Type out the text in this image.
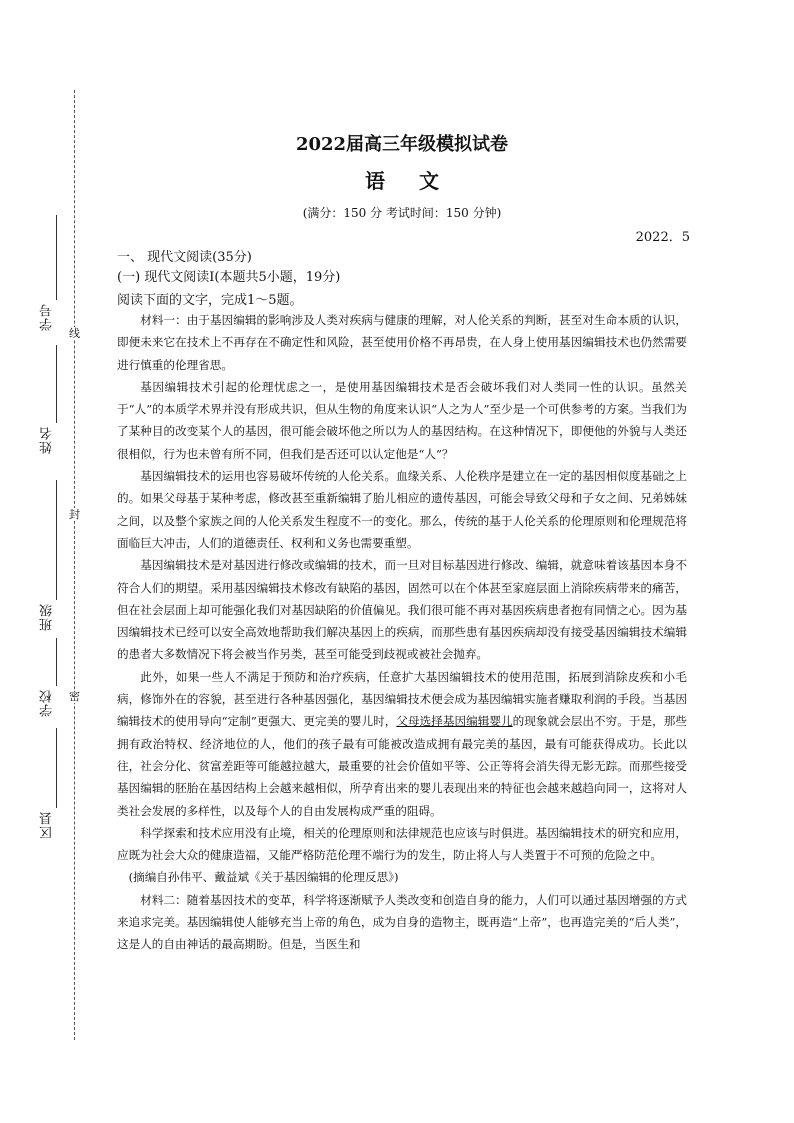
线
封
密
学号
姓名
班级
学校
区县
2022届高三年级模拟试卷
语文
(满分：150 分 考试时间：150 分钟)
2022．5
一、 现代文阅读(35分)
(一) 现代文阅读Ⅰ(本题共5小题，19分)
阅读下面的文字，完成1～5题。

材料一：由于基因编辑的影响涉及人类对疾病与健康的理解，对人伦关系的判断，甚至对生命本质的认识，即便未来它在技术上不再存在不确定性和风险，甚至使用价格不再昂贵，在人身上使用基因编辑技术也仍然需要进行慎重的伦理省思。

基因编辑技术引起的伦理忧虑之一，是使用基因编辑技术是否会破坏我们对人类同一性的认识。虽然关于“人”的本质学术界并没有形成共识，但从生物的角度来认识“人之为人”至少是一个可供参考的方案。当我们为了某种目的改变某个人的基因，很可能会破坏他之所以为人的基因结构。在这种情况下，即便他的外貌与人类还很相似，行为也未曾有所不同，但我们是否还可以认定他是“人”？

基因编辑技术的运用也容易破坏传统的人伦关系。血缘关系、人伦秩序是建立在一定的基因相似度基础之上的。如果父母基于某种考虑，修改甚至重新编辑了胎儿相应的遗传基因，可能会导致父母和子女之间、兄弟姊妹之间，以及整个家族之间的人伦关系发生程度不一的变化。那么，传统的基于人伦关系的伦理原则和伦理规范将面临巨大冲击，人们的道德责任、权利和义务也需要重塑。

基因编辑技术是对基因进行修改或编辑的技术，而一旦对目标基因进行修改、编辑，就意味着该基因本身不符合人们的期望。采用基因编辑技术修改有缺陷的基因，固然可以在个体甚至家庭层面上消除疾病带来的痛苦，但在社会层面上却可能强化我们对基因缺陷的价值偏见。我们很可能不再对基因疾病患者抱有同情之心。因为基因编辑技术已经可以安全高效地帮助我们解决基因上的疾病，而那些患有基因疾病却没有接受基因编辑技术编辑的患者大多数情况下将会被当作另类，甚至可能受到歧视或被社会抛弃。

此外，如果一些人不满足于预防和治疗疾病，任意扩大基因编辑技术的使用范围，拓展到消除皮疾和小毛病，修饰外在的容貌，甚至进行各种基因强化，基因编辑技术便会成为基因编辑实施者赚取利润的手段。当基因编辑技术的使用导向“定制”更强大、更完美的婴儿时，父母选择基因编辑婴儿的现象就会层出不穷。于是，那些拥有政治特权、经济地位的人，他们的孩子最有可能被改造成拥有最完美的基因，最有可能获得成功。长此以往，社会分化、贫富差距等可能越拉越大，最重要的社会价值如平等、公正等将会消失得无影无踪。而那些接受基因编辑的胚胎在基因结构上会越来越相似，所孕育出来的婴儿表现出来的特征也会越来越趋向同一，这将对人类社会发展的多样性，以及每个人的自由发展构成严重的阻碍。

科学探索和技术应用没有止境，相关的伦理原则和法律规范也应该与时俱进。基因编辑技术的研究和应用，应既为社会大众的健康造福，又能严格防范伦理不端行为的发生，防止将人与人类置于不可预的危险之中。

(摘编自孙伟平、戴益斌《关于基因编辑的伦理反思》)

材料二：随着基因技术的变革，科学将逐渐赋予人类改变和创造自身的能力，人们可以通过基因增强的方式来追求完美。基因编辑使人能够充当上帝的角色，成为自身的造物主，既再造“上帝”，也再造完美的“后人类”，这是人的自由神话的最高期盼。但是，当医生和
